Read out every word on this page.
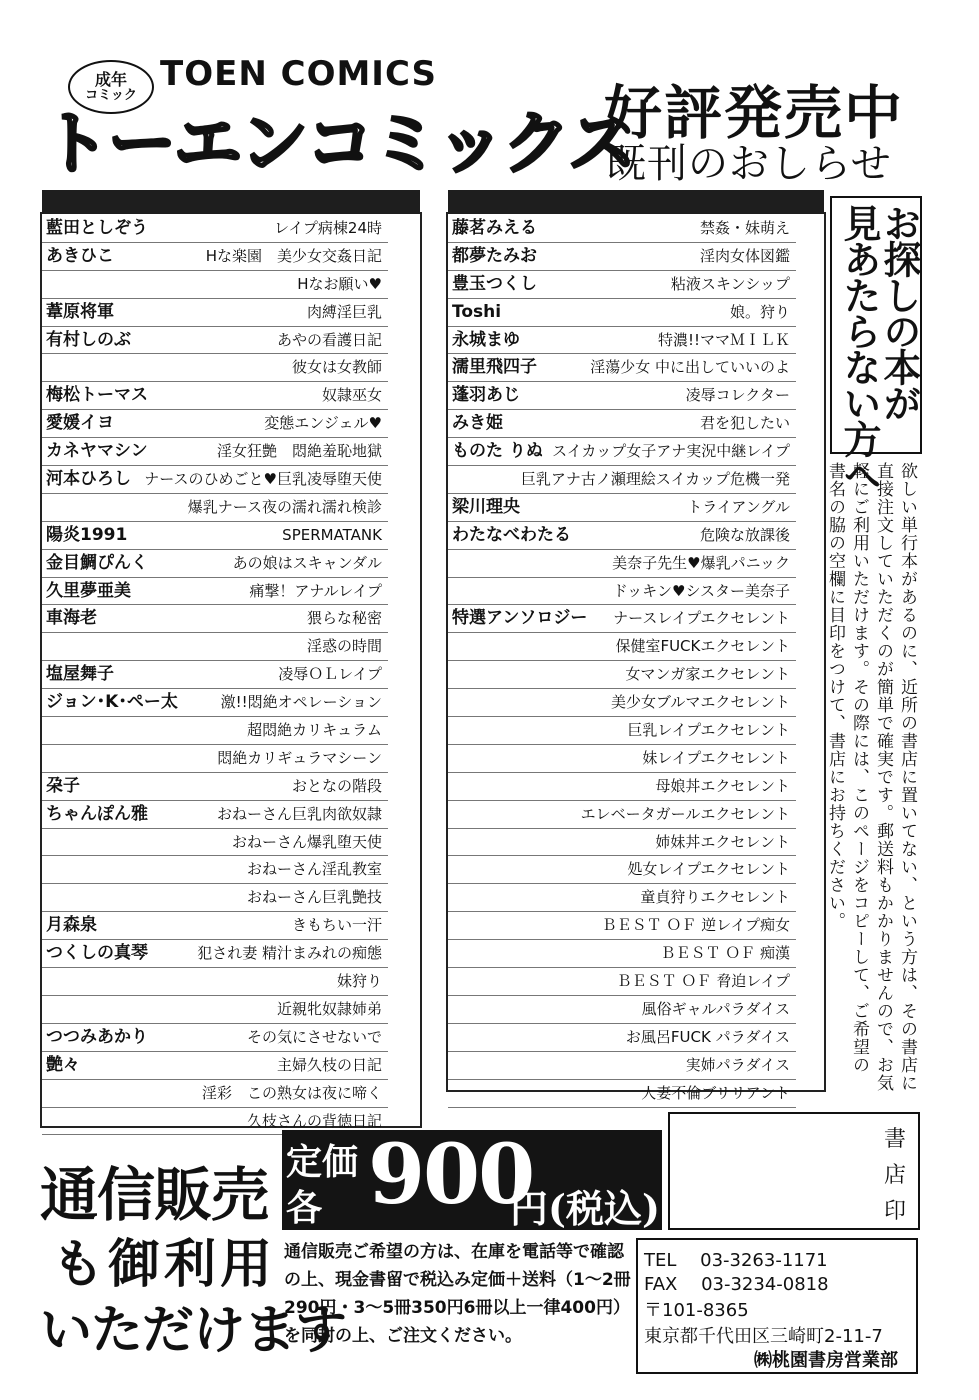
成年
コミック
TOEN COMICS
トーエンコミックス
好評発売中
既刊のおしらせ
藍田としぞう	レイプ病棟24時
あきひこ	Hな楽園　美少女交姦日記
Hなお願い♥
葦原将軍	肉縛淫巨乳
有村しのぶ	あやの看護日記
彼女は女教師
梅松トーマス	奴隷巫女
愛媛イヨ	変態エンジェル♥
カネヤマシン	淫女狂艶　悶絶羞恥地獄
河本ひろし ナースのひめごと♥巨乳凌辱堕天使
爆乳ナース夜の濡れ濡れ検診
陽炎1991	SPERMATANK
金目鯛ぴんく	あの娘はスキャンダル
久里夢亜美	痛撃！アナルレイプ
車海老	猥らな秘密
淫惑の時間
塩屋舞子	凌辱ＯＬレイプ
ジョン･K･ペー太	激!!悶絶オペレーション
超悶絶カリキュラム
悶絶カリギュラマシーン
朶子	おとなの階段
ちゃんぽん雅	おねーさん巨乳肉欲奴隷
おねーさん爆乳堕天使
おねーさん淫乱教室
おねーさん巨乳艶技
月森泉	きもちい一汗
つくしの真琴	犯され妻 精汁まみれの痴態
妹狩り
近親牝奴隷姉弟
つつみあかり	その気にさせないで
艶々	主婦久枝の日記
淫彩　この熟女は夜に啼く
久枝さんの背徳日記
藤茗みえる	禁姦・妹萌え
都夢たみお	淫肉女体図鑑
豊玉つくし	粘液スキンシップ
Toshi	娘。狩り
永城まゆ	特濃!!ママＭＩＬＫ
濡里飛四子	淫蕩少女 中に出していいのよ
蓬羽あじ	凌辱コレクター
みき姫	君を犯したい
ものた りぬ スイカップ女子アナ実況中継レイプ
巨乳アナ古ノ瀬理絵スイカップ危機一発
梁川理央	トライアングル
わたなべわたる	危険な放課後
美奈子先生♥爆乳パニック
ドッキン♥シスター美奈子
特選アンソロジー ナースレイプエクセレント
保健室FUCKエクセレント
女マンガ家エクセレント
美少女ブルマエクセレント
巨乳レイプエクセレント
妹レイプエクセレント
母娘丼エクセレント
エレベータガールエクセレント
姉妹丼エクセレント
処女レイプエクセレント
童貞狩りエクセレント
ＢＥＳＴ ＯＦ 逆レイプ痴女
ＢＥＳＴ ＯＦ 痴漢
ＢＥＳＴ ＯＦ 脅迫レイプ
風俗ギャルパラダイス
お風呂FUCK パラダイス
実姉パラダイス
人妻不倫ブリリアント
お探しの本が
見あたらない方へ
欲しい単行本があるのに、近所の書店に置いてない、という方は、その書店に
直接注文していただくのが簡単で確実です。郵送料もかかりませんので、お気
軽にご利用いただけます。その際には、このページをコピーして、ご希望の
書名の脇の空欄に目印をつけて、書店にお持ちください。
通信販売
も御利用
いただけます
定価
各 900
円(税込)
通信販売ご希望の方は、在庫を電話等で確認の上、現金書留で税込み定価＋送料（1～2冊290円・3～5冊350円6冊以上一律400円）を同封の上、ご注文ください。
書
店
印
TEL　 03-3263-1171
FAX　 03-3234-0818
〒101-8365
東京都千代田区三崎町2-11-7
㈱桃園書房営業部
